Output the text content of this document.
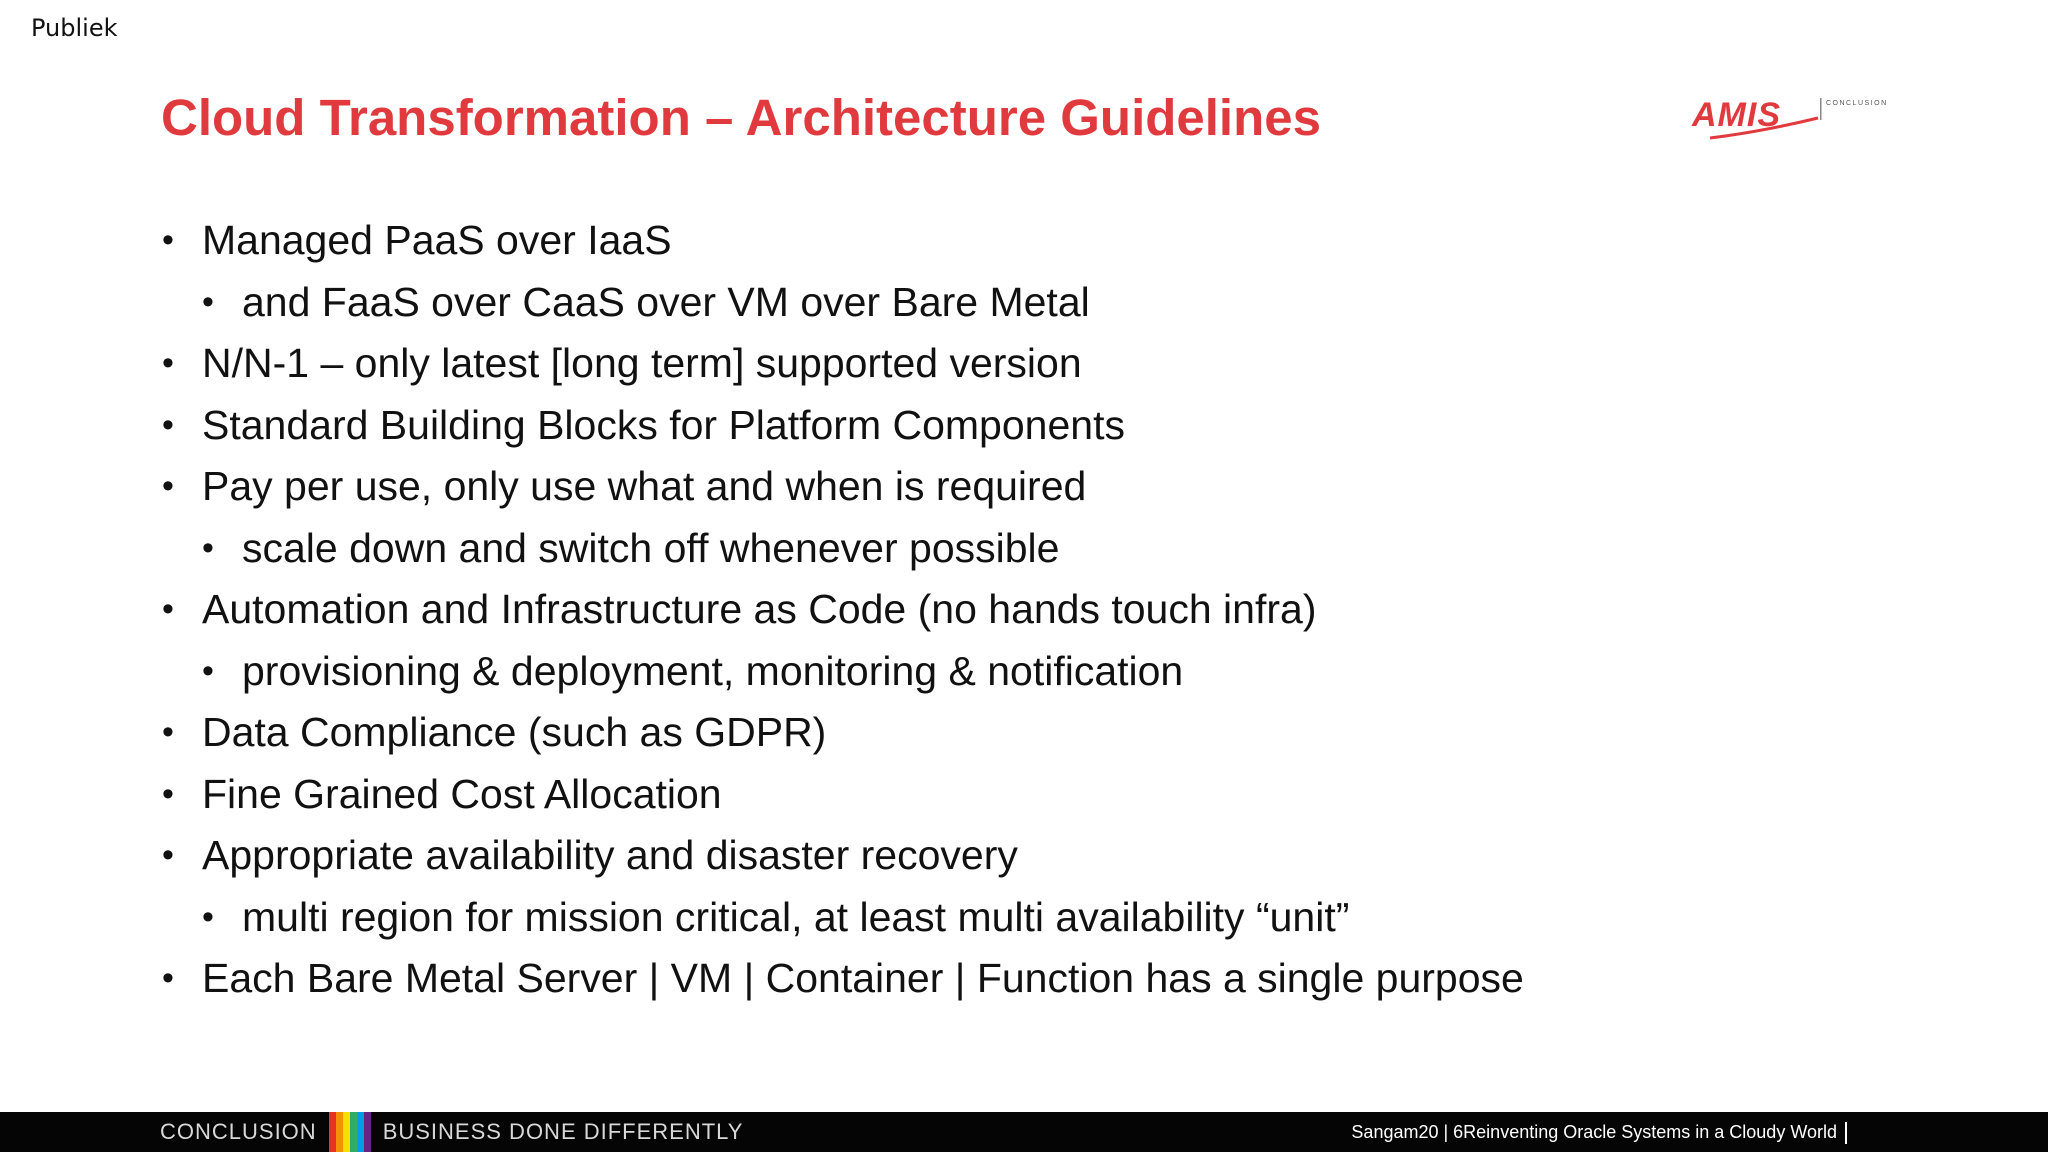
Publiek
Cloud Transformation – Architecture Guidelines	AMIS	CONCLUSION
• Managed PaaS over IaaS
• and FaaS over CaaS over VM over Bare Metal
• N/N-1 – only latest [long term] supported version
• Standard Building Blocks for Platform Components
• Pay per use, only use what and when is required
• scale down and switch off whenever possible
• Automation and Infrastructure as Code (no hands touch infra)
• provisioning & deployment, monitoring & notification
• Data Compliance (such as GDPR)
• Fine Grained Cost Allocation
• Appropriate availability and disaster recovery
• multi region for mission critical, at least multi availability “unit”
• Each Bare Metal Server | VM | Container | Function has a single purpose
CONCLUSION	BUSINESS DONE DIFFERENTLY	Sangam20 | 6Reinventing Oracle Systems in a Cloudy World
